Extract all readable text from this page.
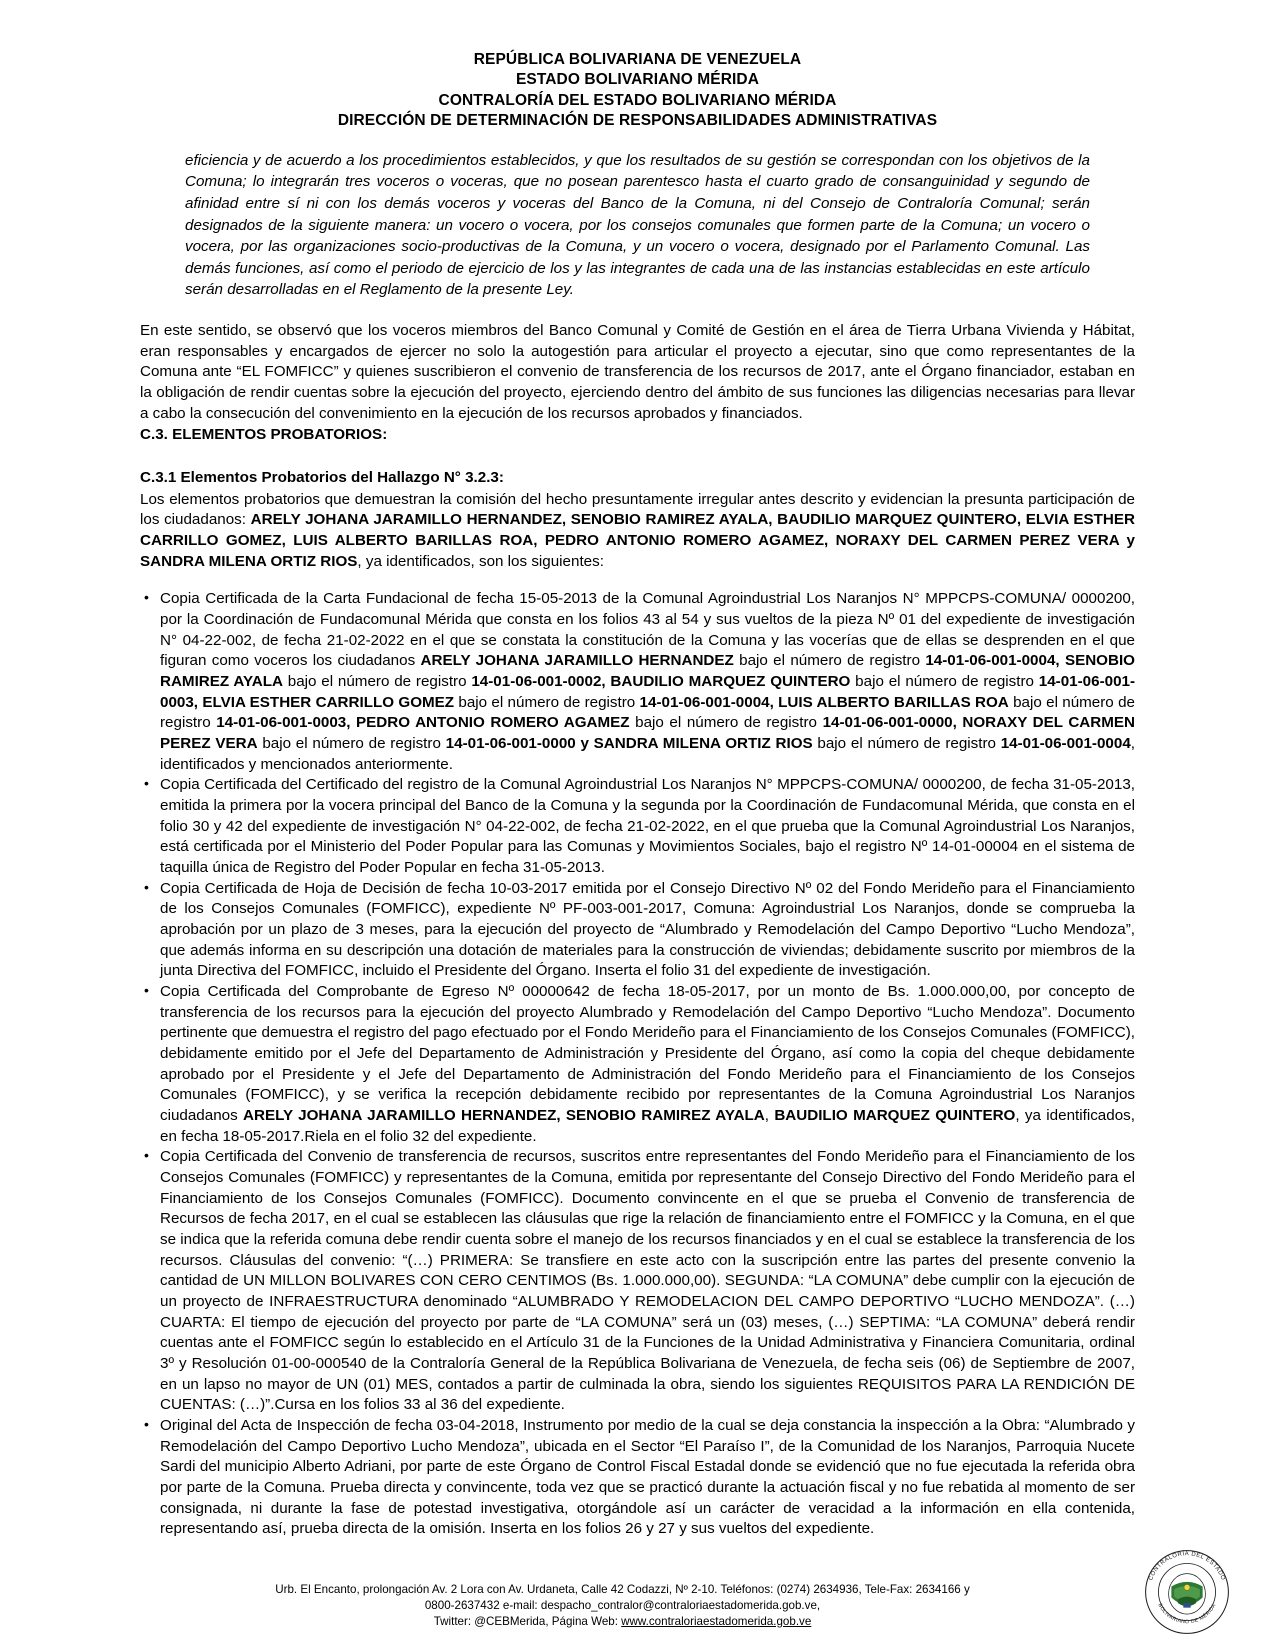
REPÚBLICA BOLIVARIANA DE VENEZUELA
ESTADO BOLIVARIANO MÉRIDA
CONTRALORÍA DEL ESTADO BOLIVARIANO MÉRIDA
DIRECCIÓN DE DETERMINACIÓN DE RESPONSABILIDADES ADMINISTRATIVAS
eficiencia y de acuerdo a los procedimientos establecidos, y que los resultados de su gestión se correspondan con los objetivos de la Comuna; lo integrarán tres voceros o voceras, que no posean parentesco hasta el cuarto grado de consanguinidad y segundo de afinidad entre sí ni con los demás voceros y voceras del Banco de la Comuna, ni del Consejo de Contraloría Comunal; serán designados de la siguiente manera: un vocero o vocera, por los consejos comunales que formen parte de la Comuna; un vocero o vocera, por las organizaciones socio-productivas de la Comuna, y un vocero o vocera, designado por el Parlamento Comunal. Las demás funciones, así como el periodo de ejercicio de los y las integrantes de cada una de las instancias establecidas en este artículo serán desarrolladas en el Reglamento de la presente Ley.
En este sentido, se observó que los voceros miembros del Banco Comunal y Comité de Gestión en el área de Tierra Urbana Vivienda y Hábitat, eran responsables y encargados de ejercer no solo la autogestión para articular el proyecto a ejecutar, sino que como representantes de la Comuna ante “EL FOMFICC” y quienes suscribieron el convenio de transferencia de los recursos de 2017, ante el Órgano financiador, estaban en la obligación de rendir cuentas sobre la ejecución del proyecto, ejerciendo dentro del ámbito de sus funciones las diligencias necesarias para llevar a cabo la consecución del convenimiento en la ejecución de los recursos aprobados y financiados.
C.3. ELEMENTOS PROBATORIOS:
C.3.1 Elementos Probatorios del Hallazgo N° 3.2.3:
Los elementos probatorios que demuestran la comisión del hecho presuntamente irregular antes descrito y evidencian la presunta participación de los ciudadanos: ARELY JOHANA JARAMILLO HERNANDEZ, SENOBIO RAMIREZ AYALA, BAUDILIO MARQUEZ QUINTERO, ELVIA ESTHER CARRILLO GOMEZ, LUIS ALBERTO BARILLAS ROA, PEDRO ANTONIO ROMERO AGAMEZ, NORAXY DEL CARMEN PEREZ VERA y SANDRA MILENA ORTIZ RIOS, ya identificados, son los siguientes:
• Copia Certificada de la Carta Fundacional de fecha 15-05-2013 de la Comunal Agroindustrial Los Naranjos N° MPPCPS-COMUNA/ 0000200, por la Coordinación de Fundacomunal Mérida que consta en los folios 43 al 54 y sus vueltos de la pieza Nº 01 del expediente de investigación N° 04-22-002, de fecha 21-02-2022 en el que se constata la constitución de la Comuna y las vocerías que de ellas se desprenden en el que figuran como voceros los ciudadanos ARELY JOHANA JARAMILLO HERNANDEZ bajo el número de registro 14-01-06-001-0004, SENOBIO RAMIREZ AYALA bajo el número de registro 14-01-06-001-0002, BAUDILIO MARQUEZ QUINTERO bajo el número de registro 14-01-06-001-0003, ELVIA ESTHER CARRILLO GOMEZ bajo el número de registro 14-01-06-001-0004, LUIS ALBERTO BARILLAS ROA bajo el número de registro 14-01-06-001-0003, PEDRO ANTONIO ROMERO AGAMEZ bajo el número de registro 14-01-06-001-0000, NORAXY DEL CARMEN PEREZ VERA bajo el número de registro 14-01-06-001-0000 y SANDRA MILENA ORTIZ RIOS bajo el número de registro 14-01-06-001-0004, identificados y mencionados anteriormente.
• Copia Certificada del Certificado del registro de la Comunal Agroindustrial Los Naranjos N° MPPCPS-COMUNA/ 0000200, de fecha 31-05-2013, emitida la primera por la vocera principal del Banco de la Comuna y la segunda por la Coordinación de Fundacomunal Mérida, que consta en el folio 30 y 42 del expediente de investigación N° 04-22-002, de fecha 21-02-2022, en el que prueba que la Comunal Agroindustrial Los Naranjos, está certificada por el Ministerio del Poder Popular para las Comunas y Movimientos Sociales, bajo el registro Nº 14-01-00004 en el sistema de taquilla única de Registro del Poder Popular en fecha 31-05-2013.
• Copia Certificada de Hoja de Decisión de fecha 10-03-2017 emitida por el Consejo Directivo Nº 02 del Fondo Merideño para el Financiamiento de los Consejos Comunales (FOMFICC), expediente Nº PF-003-001-2017, Comuna: Agroindustrial Los Naranjos, donde se comprueba la aprobación por un plazo de 3 meses, para la ejecución del proyecto de “Alumbrado y Remodelación del Campo Deportivo “Lucho Mendoza”, que además informa en su descripción una dotación de materiales para la construcción de viviendas; debidamente suscrito por miembros de la junta Directiva del FOMFICC, incluido el Presidente del Órgano. Inserta el folio 31 del expediente de investigación.
• Copia Certificada del Comprobante de Egreso Nº 00000642 de fecha 18-05-2017, por un monto de Bs. 1.000.000,00, por concepto de transferencia de los recursos para la ejecución del proyecto Alumbrado y Remodelación del Campo Deportivo “Lucho Mendoza”. Documento pertinente que demuestra el registro del pago efectuado por el Fondo Merideño para el Financiamiento de los Consejos Comunales (FOMFICC), debidamente emitido por el Jefe del Departamento de Administración y Presidente del Órgano, así como la copia del cheque debidamente aprobado por el Presidente y el Jefe del Departamento de Administración del Fondo Merideño para el Financiamiento de los Consejos Comunales (FOMFICC), y se verifica la recepción debidamente recibido por representantes de la Comuna Agroindustrial Los Naranjos ciudadanos ARELY JOHANA JARAMILLO HERNANDEZ, SENOBIO RAMIREZ AYALA, BAUDILIO MARQUEZ QUINTERO, ya identificados, en fecha 18-05-2017.Riela en el folio 32 del expediente.
• Copia Certificada del Convenio de transferencia de recursos, suscritos entre representantes del Fondo Merideño para el Financiamiento de los Consejos Comunales (FOMFICC) y representantes de la Comuna, emitida por representante del Consejo Directivo del Fondo Merideño para el Financiamiento de los Consejos Comunales (FOMFICC). Documento convincente en el que se prueba el Convenio de transferencia de Recursos de fecha 2017, en el cual se establecen las cláusulas que rige la relación de financiamiento entre el FOMFICC y la Comuna, en el que se indica que la referida comuna debe rendir cuenta sobre el manejo de los recursos financiados y en el cual se establece la transferencia de los recursos. Cláusulas del convenio: “(…) PRIMERA: Se transfiere en este acto con la suscripción entre las partes del presente convenio la cantidad de UN MILLON BOLIVARES CON CERO CENTIMOS (Bs. 1.000.000,00). SEGUNDA: “LA COMUNA” debe cumplir con la ejecución de un proyecto de INFRAESTRUCTURA denominado “ALUMBRADO Y REMODELACION DEL CAMPO DEPORTIVO “LUCHO MENDOZA”. (…) CUARTA: El tiempo de ejecución del proyecto por parte de “LA COMUNA” será un (03) meses, (…) SEPTIMA: “LA COMUNA” deberá rendir cuentas ante el FOMFICC según lo establecido en el Artículo 31 de la Funciones de la Unidad Administrativa y Financiera Comunitaria, ordinal 3º y Resolución 01-00-000540 de la Contraloría General de la República Bolivariana de Venezuela, de fecha seis (06) de Septiembre de 2007, en un lapso no mayor de UN (01) MES, contados a partir de culminada la obra, siendo los siguientes REQUISITOS PARA LA RENDICIÓN DE CUENTAS: (…)”.Cursa en los folios 33 al 36 del expediente.
• Original del Acta de Inspección de fecha 03-04-2018, Instrumento por medio de la cual se deja constancia la inspección a la Obra: “Alumbrado y Remodelación del Campo Deportivo Lucho Mendoza”, ubicada en el Sector “El Paraíso I”, de la Comunidad de los Naranjos, Parroquia Nucete Sardi del municipio Alberto Adriani, por parte de este Órgano de Control Fiscal Estadal donde se evidenció que no fue ejecutada la referida obra por parte de la Comuna. Prueba directa y convincente, toda vez que se practicó durante la actuación fiscal y no fue rebatida al momento de ser consignada, ni durante la fase de potestad investigativa, otorgándole así un carácter de veracidad a la información en ella contenida, representando así, prueba directa de la omisión. Inserta en los folios 26 y 27 y sus vueltos del expediente.
Urb. El Encanto, prolongación Av. 2 Lora con Av. Urdaneta, Calle 42 Codazzi, Nº 2-10. Teléfonos: (0274) 2634936, Tele-Fax: 2634166 y
0800-2637432 e-mail: despacho_contralor@contraloriaestadomerida.gob.ve,
Twitter: @CEBMerida, Página Web: www.contraloriaestadomerida.gob.ve
CONTRALORÍA DEL ESTADO
BOLIVARIANO DE MÉRIDA
